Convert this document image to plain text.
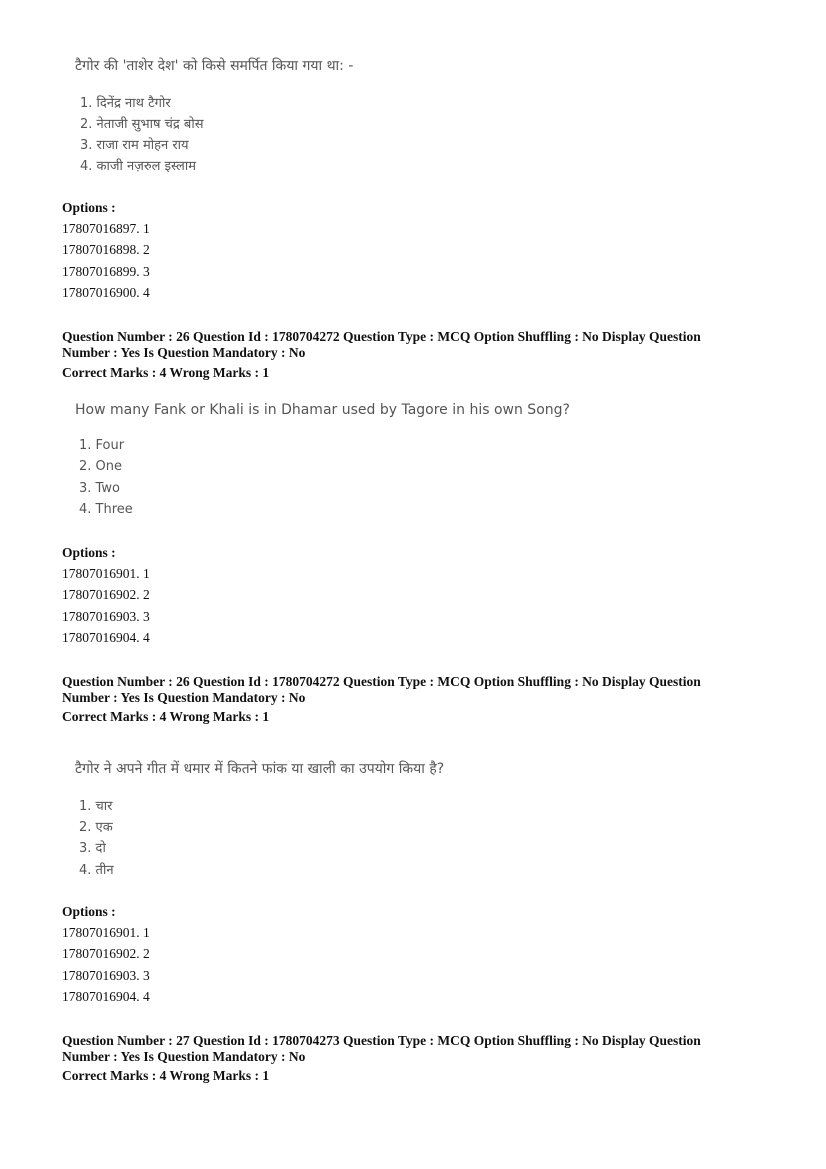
टैगोर की 'ताशेर देश' को किसे समर्पित किया गया था: -
1. दिनेंद्र नाथ टैगोर
2. नेताजी सुभाष चंद्र बोस
3. राजा राम मोहन राय
4. काजी नज़रुल इस्लाम
Options :
17807016897. 1
17807016898. 2
17807016899. 3
17807016900. 4
Question Number : 26 Question Id : 1780704272 Question Type : MCQ Option Shuffling : No Display Question
Number : Yes Is Question Mandatory : No
Correct Marks : 4 Wrong Marks : 1
How many Fank or Khali is in Dhamar used by Tagore in his own Song?
1. Four
2. One
3. Two
4. Three
Options :
17807016901. 1
17807016902. 2
17807016903. 3
17807016904. 4
Question Number : 26 Question Id : 1780704272 Question Type : MCQ Option Shuffling : No Display Question
Number : Yes Is Question Mandatory : No
Correct Marks : 4 Wrong Marks : 1
टैगोर ने अपने गीत में धमार में कितने फांक या खाली का उपयोग किया है?
1. चार
2. एक
3. दो
4. तीन
Options :
17807016901. 1
17807016902. 2
17807016903. 3
17807016904. 4
Question Number : 27 Question Id : 1780704273 Question Type : MCQ Option Shuffling : No Display Question
Number : Yes Is Question Mandatory : No
Correct Marks : 4 Wrong Marks : 1
